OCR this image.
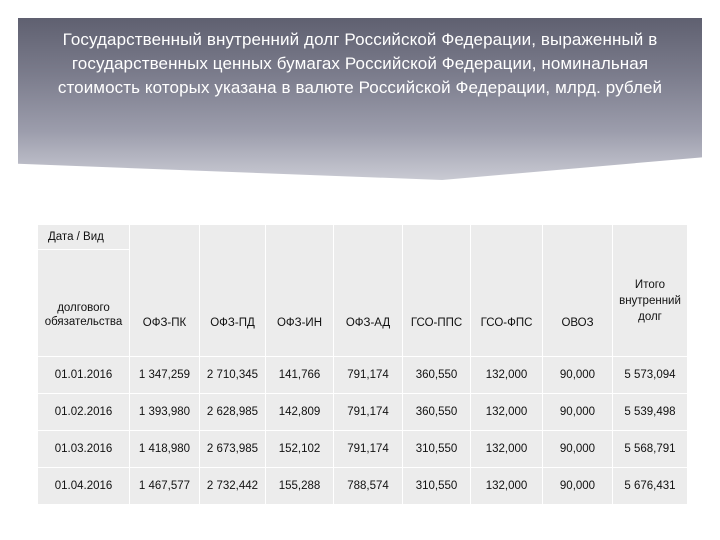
Государственный внутренний долг Российской Федерации, выраженный в государственных ценных бумагах Российской Федерации, номинальная стоимость которых указана в валюте Российской Федерации, млрд. рублей
Дата / Вид	ОФЗ-ПК	ОФЗ-ПД	ОФЗ-ИН	ОФЗ-АД	ГСО-ППС	ГСО-ФПС	ОВОЗ	Итого внутренний долг
долгового обязательства								
01.01.2016	1 347,259	2 710,345	141,766	791,174	360,550	132,000	90,000	5 573,094
01.02.2016	1 393,980	2 628,985	142,809	791,174	360,550	132,000	90,000	5 539,498
01.03.2016	1 418,980	2 673,985	152,102	791,174	310,550	132,000	90,000	5 568,791
01.04.2016	1 467,577	2 732,442	155,288	788,574	310,550	132,000	90,000	5 676,431
